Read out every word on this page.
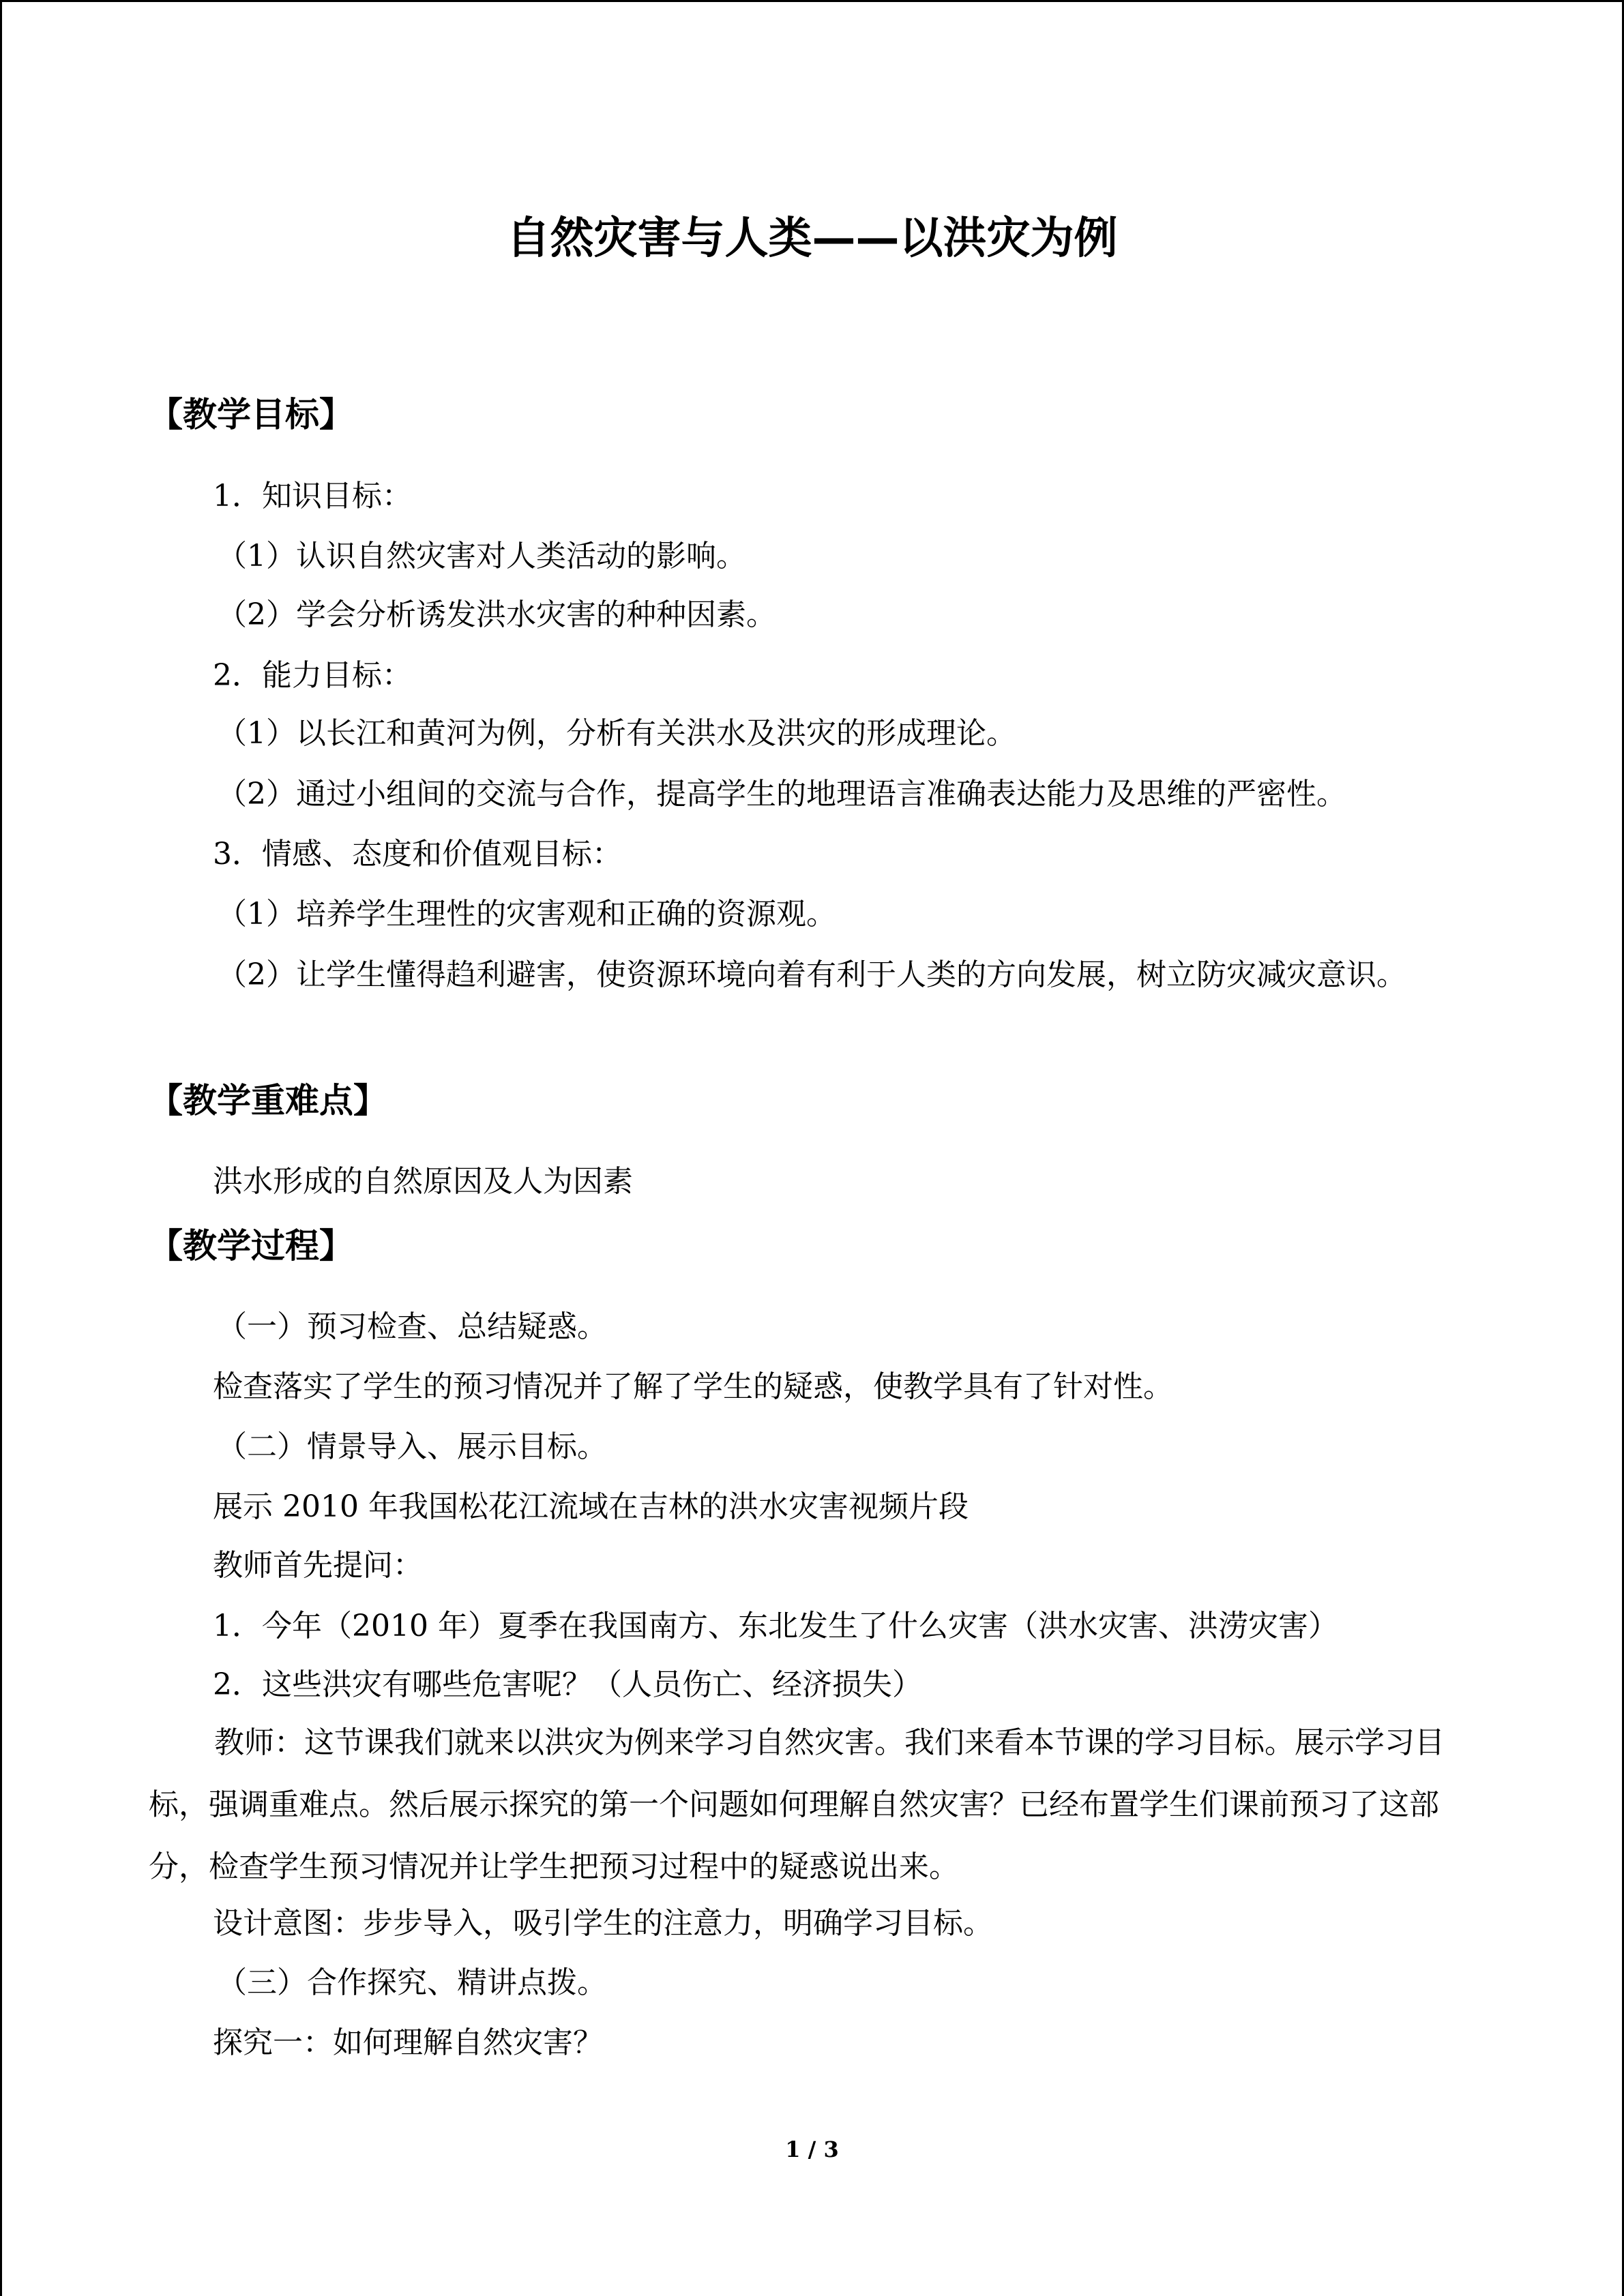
自然灾害与人类——以洪灾为例
【教学目标】
1．知识目标：
（1）认识自然灾害对人类活动的影响。
（2）学会分析诱发洪水灾害的种种因素。
2．能力目标：
（1）以长江和黄河为例，分析有关洪水及洪灾的形成理论。
（2）通过小组间的交流与合作，提高学生的地理语言准确表达能力及思维的严密性。
3．情感、态度和价值观目标：
（1）培养学生理性的灾害观和正确的资源观。
（2）让学生懂得趋利避害，使资源环境向着有利于人类的方向发展，树立防灾减灾意识。
【教学重难点】
洪水形成的自然原因及人为因素
【教学过程】
（一）预习检查、总结疑惑。
检查落实了学生的预习情况并了解了学生的疑惑，使教学具有了针对性。
（二）情景导入、展示目标。
展示 2010 年我国松花江流域在吉林的洪水灾害视频片段
教师首先提问：
1．今年（2010 年）夏季在我国南方、东北发生了什么灾害（洪水灾害、洪涝灾害）
2．这些洪灾有哪些危害呢？（人员伤亡、经济损失）
教师：这节课我们就来以洪灾为例来学习自然灾害。我们来看本节课的学习目标。展示学习目标，强调重难点。然后展示探究的第一个问题如何理解自然灾害？已经布置学生们课前预习了这部分，检查学生预习情况并让学生把预习过程中的疑惑说出来。
设计意图：步步导入，吸引学生的注意力，明确学习目标。
（三）合作探究、精讲点拨。
探究一：如何理解自然灾害？
1 / 3
